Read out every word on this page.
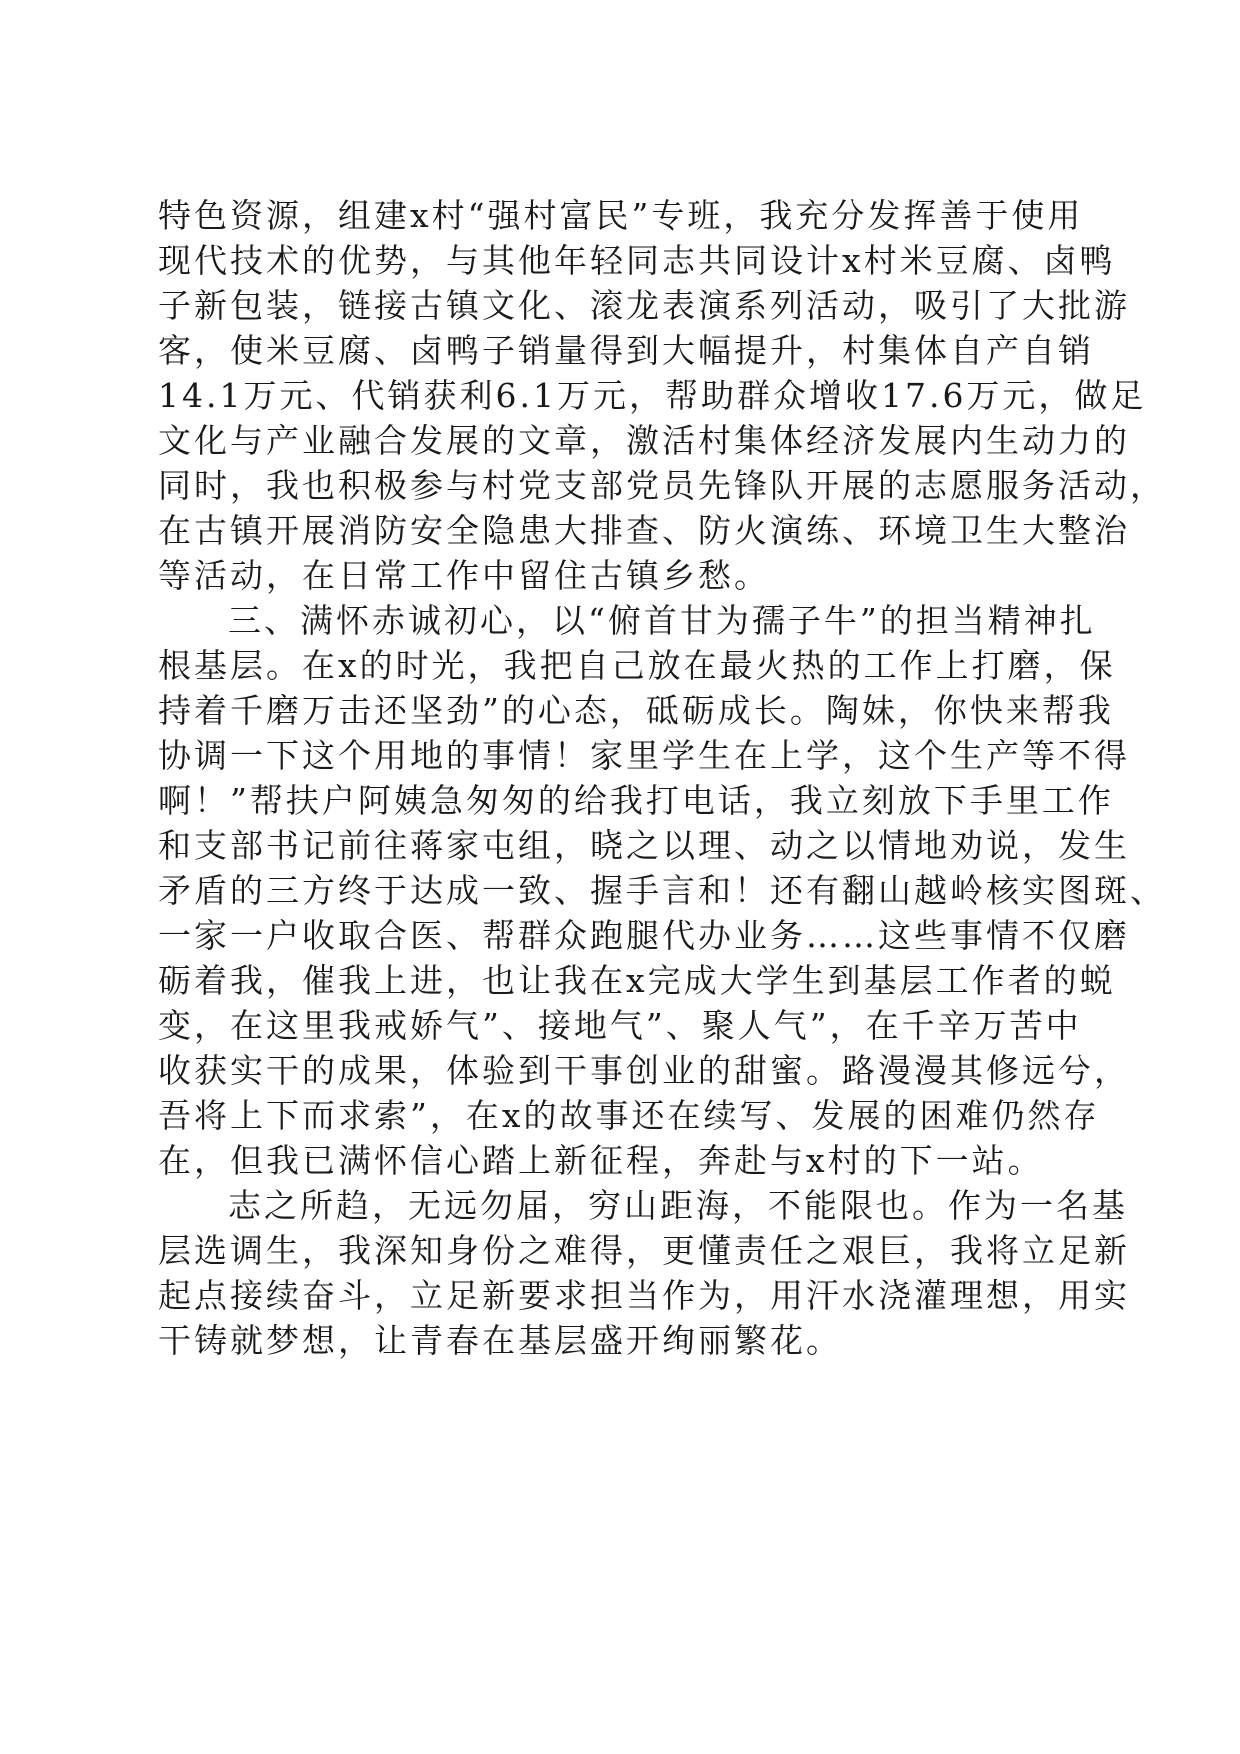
特色资源，组建x村“强村富民”专班，我充分发挥善于使用
现代技术的优势，与其他年轻同志共同设计x村米豆腐、卤鸭
子新包装，链接古镇文化、滚龙表演系列活动，吸引了大批游
客，使米豆腐、卤鸭子销量得到大幅提升，村集体自产自销
14.1万元、代销获利6.1万元，帮助群众增收17.6万元，做足
文化与产业融合发展的文章，激活村集体经济发展内生动力的
同时，我也积极参与村党支部党员先锋队开展的志愿服务活动，
在古镇开展消防安全隐患大排查、防火演练、环境卫生大整治
等活动，在日常工作中留住古镇乡愁。
三、满怀赤诚初心，以“俯首甘为孺子牛”的担当精神扎
根基层。在x的时光，我把自己放在最火热的工作上打磨，保
持着千磨万击还坚劲”的心态，砥砺成长。陶妹，你快来帮我
协调一下这个用地的事情！家里学生在上学，这个生产等不得
啊！”帮扶户阿姨急匆匆的给我打电话，我立刻放下手里工作
和支部书记前往蒋家屯组，晓之以理、动之以情地劝说，发生
矛盾的三方终于达成一致、握手言和！还有翻山越岭核实图斑、
一家一户收取合医、帮群众跑腿代办业务……这些事情不仅磨
砺着我，催我上进，也让我在x完成大学生到基层工作者的蜕
变，在这里我戒娇气”、接地气”、聚人气”，在千辛万苦中
收获实干的成果，体验到干事创业的甜蜜。路漫漫其修远兮，
吾将上下而求索”，在x的故事还在续写、发展的困难仍然存
在，但我已满怀信心踏上新征程，奔赴与x村的下一站。
志之所趋，无远勿届，穷山距海，不能限也。作为一名基
层选调生，我深知身份之难得，更懂责任之艰巨，我将立足新
起点接续奋斗，立足新要求担当作为，用汗水浇灌理想，用实
干铸就梦想，让青春在基层盛开绚丽繁花。
